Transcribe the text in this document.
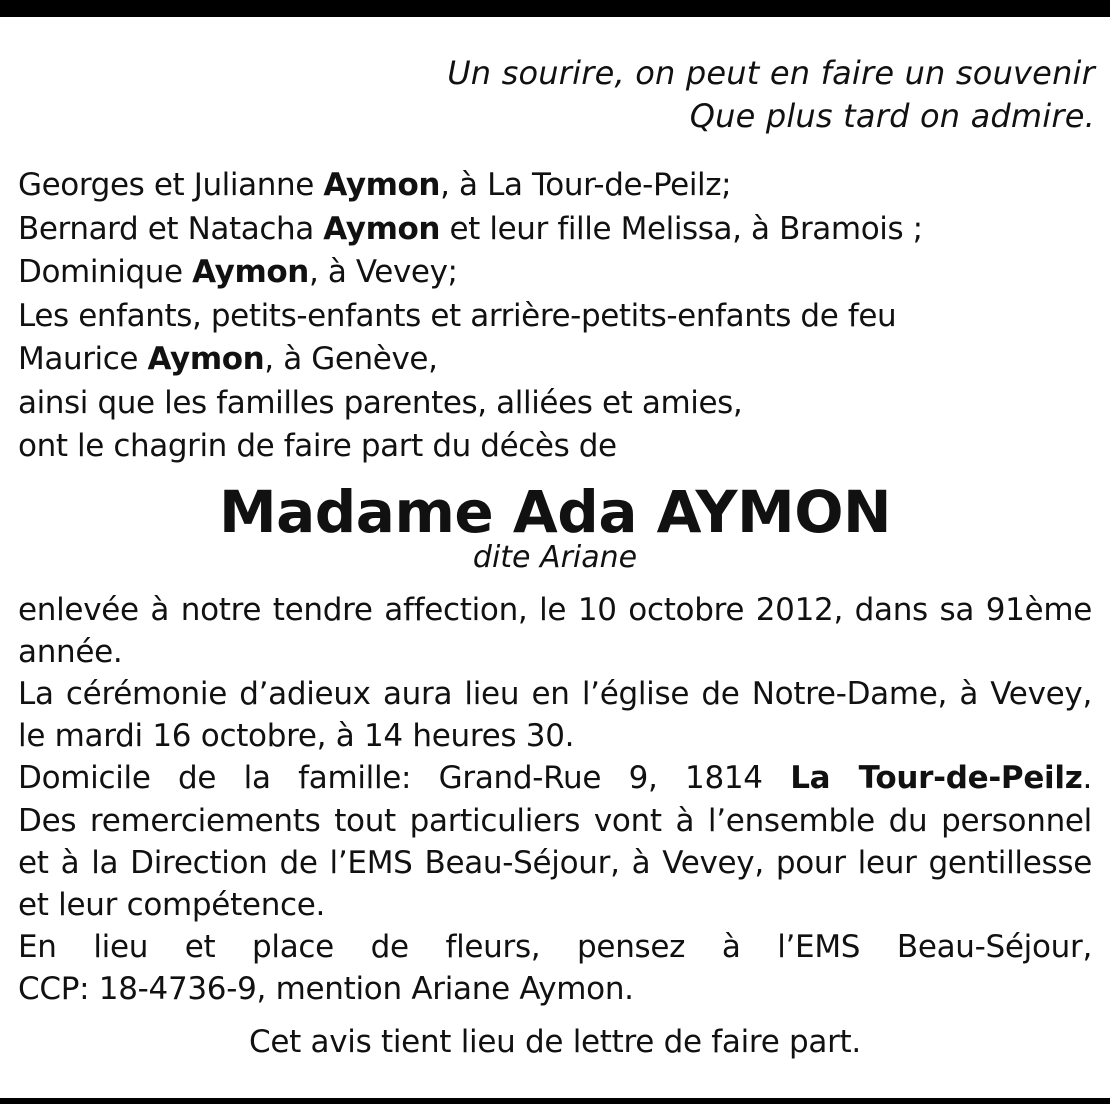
Un sourire, on peut en faire un souvenir
Que plus tard on admire.
Georges et Julianne Aymon, à La Tour-de-Peilz;
Bernard et Natacha Aymon et leur fille Melissa, à Bramois ;
Dominique Aymon, à Vevey;
Les enfants, petits-enfants et arrière-petits-enfants de feu
Maurice Aymon, à Genève,
ainsi que les familles parentes, alliées et amies,
ont le chagrin de faire part du décès de
Madame Ada AYMON
dite Ariane

enlevée à notre tendre affection, le 10 octobre 2012, dans sa 91ème année.

La cérémonie d’adieux aura lieu en l’église de Notre-Dame, à Vevey, le mardi 16 octobre, à 14 heures 30.

Domicile de la famille: Grand-Rue 9, 1814 La Tour-de-Peilz.

Des remerciements tout particuliers vont à l’ensemble du personnel et à la Direction de l’EMS Beau-Séjour, à Vevey, pour leur gentillesse et leur compétence.

En lieu et place de fleurs, pensez à l’EMS Beau-Séjour,

CCP: 18-4736-9, mention Ariane Aymon.

Cet avis tient lieu de lettre de faire part.
